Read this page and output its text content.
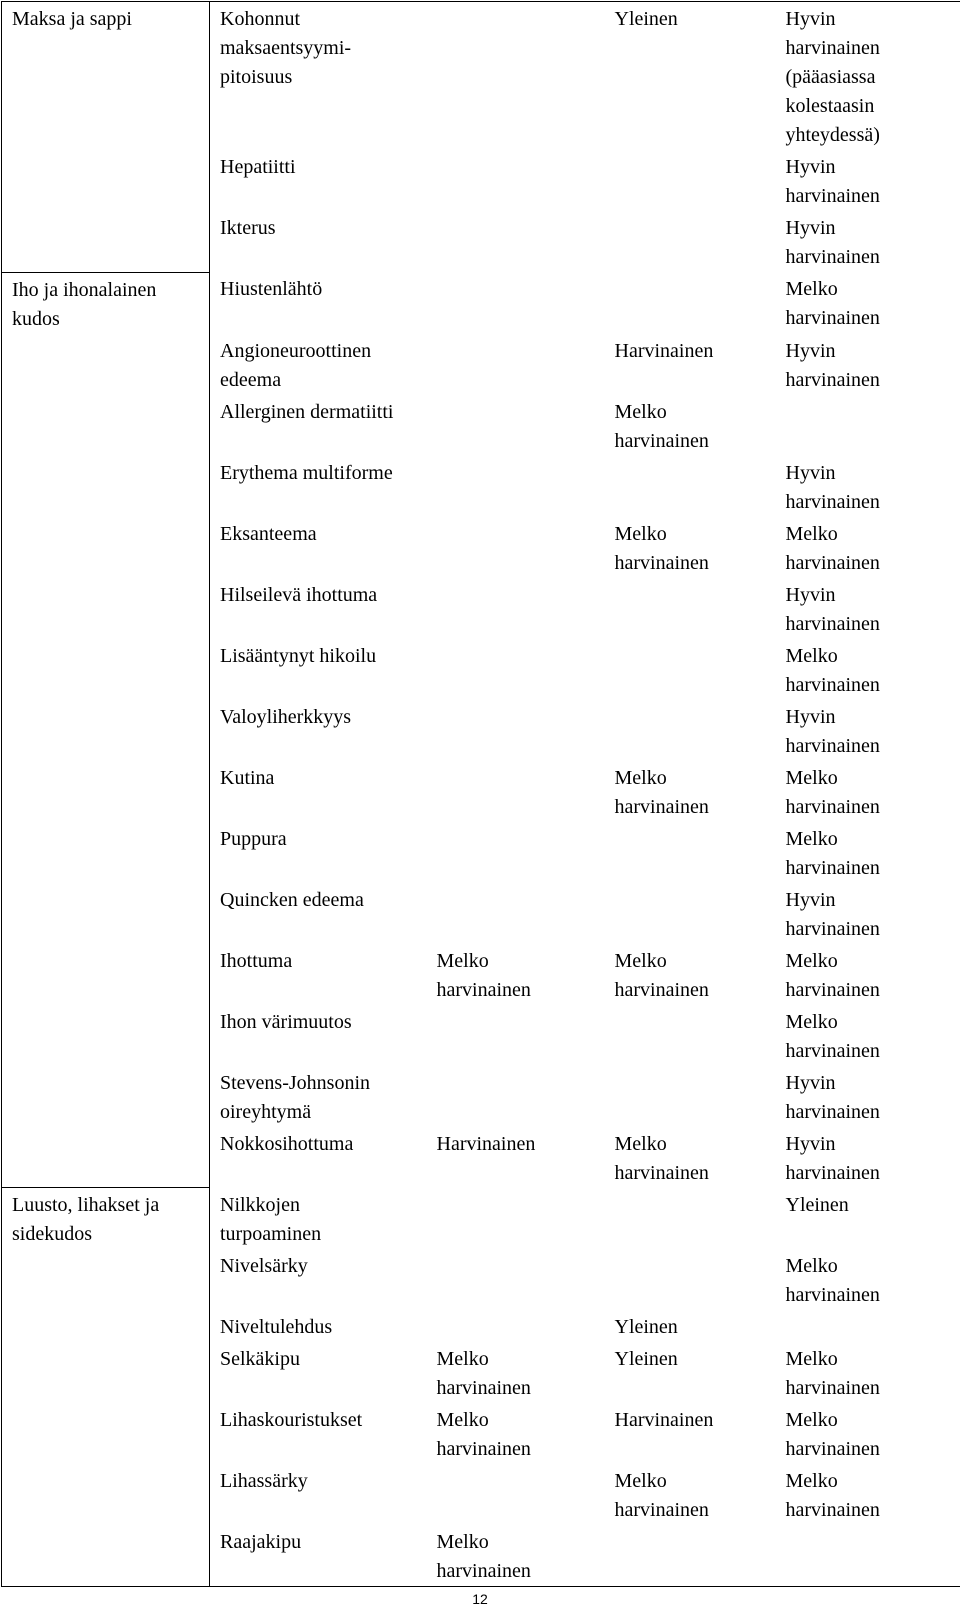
Maksa ja sappi	Kohonnut
maksaentsyymi-
pitoisuus		Yleinen	Hyvin
harvinainen
(pääasiassa
kolestaasin
yhteydessä)
	Hepatiitti			Hyvin
harvinainen
	Ikterus			Hyvin
harvinainen
Iho ja ihonalainen
kudos	Hiustenlähtö			Melko
harvinainen
	Angioneuroottinen
edeema		Harvinainen	Hyvin
harvinainen
	Allerginen dermatiitti		Melko
harvinainen	
	Erythema multiforme			Hyvin
harvinainen
	Eksanteema		Melko
harvinainen	Melko
harvinainen
	Hilseilevä ihottuma			Hyvin
harvinainen
	Lisääntynyt hikoilu			Melko
harvinainen
	Valoyliherkkyys			Hyvin
harvinainen
	Kutina		Melko
harvinainen	Melko
harvinainen
	Puppura			Melko
harvinainen
	Quincken edeema			Hyvin
harvinainen
	Ihottuma	Melko
harvinainen	Melko
harvinainen	Melko
harvinainen
	Ihon värimuutos			Melko
harvinainen
	Stevens-Johnsonin
oireyhtymä			Hyvin
harvinainen
	Nokkosihottuma	Harvinainen	Melko
harvinainen	Hyvin
harvinainen
Luusto, lihakset ja
sidekudos	Nilkkojen
turpoaminen			Yleinen
	Nivelsärky			Melko
harvinainen
	Niveltulehdus		Yleinen	
	Selkäkipu	Melko
harvinainen	Yleinen	Melko
harvinainen
	Lihaskouristukset	Melko
harvinainen	Harvinainen	Melko
harvinainen
	Lihassärky		Melko
harvinainen	Melko
harvinainen
	Raajakipu	Melko
harvinainen		
12
